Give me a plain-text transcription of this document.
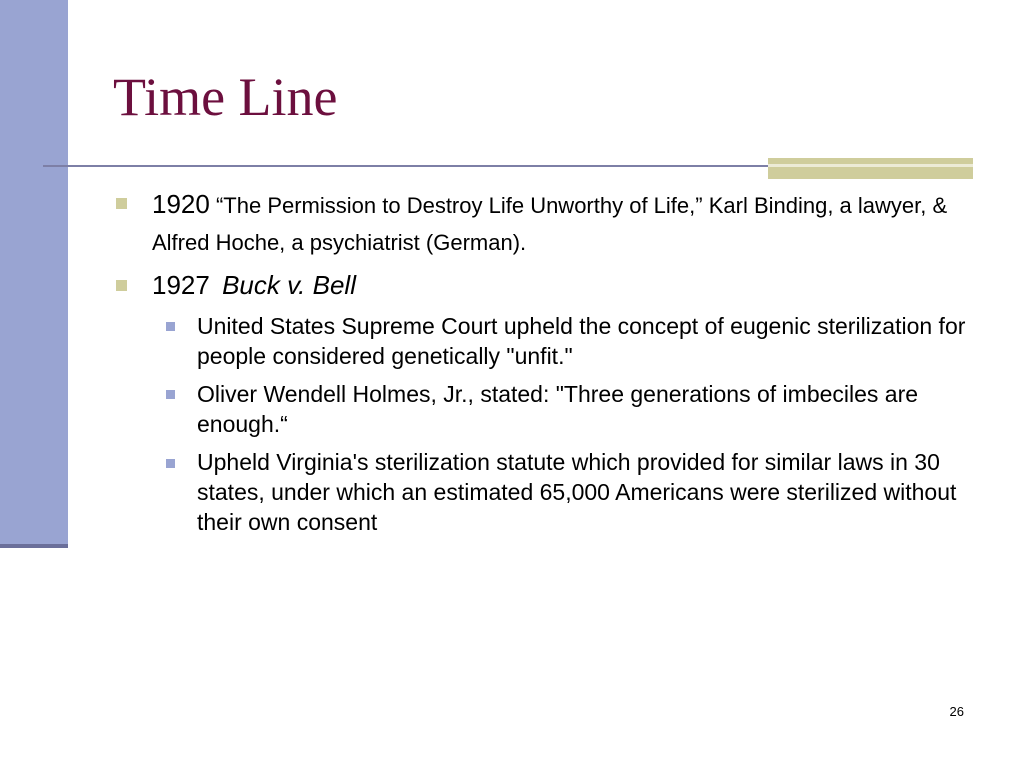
Time Line
1920 “The Permission to Destroy Life Unworthy of Life,” Karl Binding, a lawyer, & Alfred Hoche, a psychiatrist (German).
1927 Buck v. Bell
United States Supreme Court upheld the concept of eugenic sterilization for people considered genetically "unfit."
Oliver Wendell Holmes, Jr., stated: "Three generations of imbeciles are enough.“
Upheld Virginia's sterilization statute which provided for similar laws in 30 states, under which an estimated 65,000 Americans were sterilized without their own consent
26
